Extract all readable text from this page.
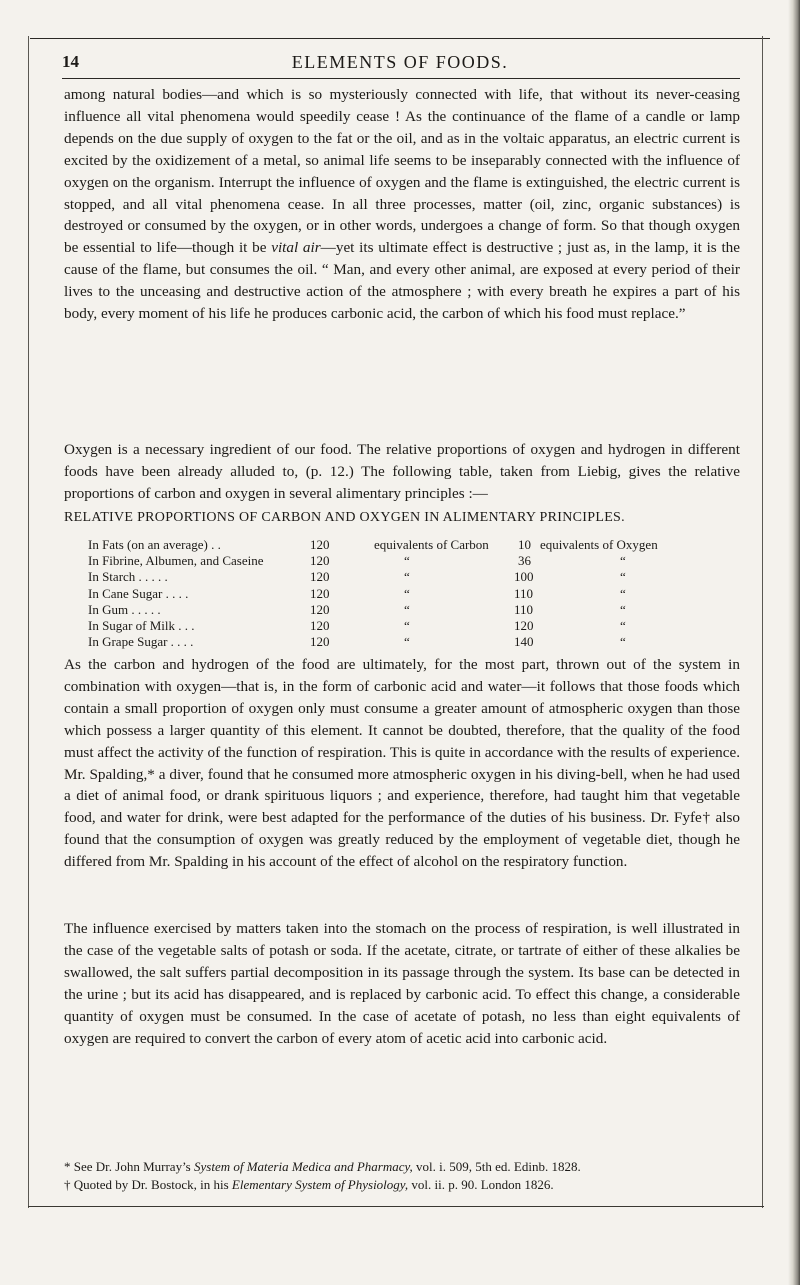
14	ELEMENTS OF FOODS.

among natural bodies—and which is so mysteriously connected with life, that without its never-ceasing influence all vital phenomena would speedily cease ! As the continuance of the flame of a candle or lamp depends on the due supply of oxygen to the fat or the oil, and as in the voltaic apparatus, an electric current is excited by the oxidizement of a metal, so animal life seems to be inseparably connected with the influence of oxygen on the organism. Interrupt the influence of oxygen and the flame is extinguished, the electric current is stopped, and all vital phenomena cease. In all three processes, matter (oil, zinc, organic substances) is destroyed or consumed by the oxygen, or in other words, undergoes a change of form. So that though oxygen be essential to life—though it be vital air—yet its ultimate effect is destructive ; just as, in the lamp, it is the cause of the flame, but consumes the oil. “ Man, and every other animal, are exposed at every period of their lives to the unceasing and destructive action of the atmosphere ; with every breath he expires a part of his body, every moment of his life he produces carbonic acid, the carbon of which his food must replace.”

Oxygen is a necessary ingredient of our food. The relative proportions of oxygen and hydrogen in different foods have been already alluded to, (p. 12.) The following table, taken from Liebig, gives the relative proportions of carbon and oxygen in several alimentary principles :—

RELATIVE PROPORTIONS OF CARBON AND OXYGEN IN ALIMENTARY PRINCIPLES.
In Fats (on an average) . .	120	equivalents of Carbon 10 equivalents of Oxygen
In Fibrine, Albumen, and Caseine	120	“	36	“
In Starch . . . . .	120	“	100	“
In Cane Sugar . . . .	120	“	110	“
In Gum . . . . .	120	“	110	“
In Sugar of Milk . . .	120	“	120	“
In Grape Sugar . . . .	120	“	140	“

As the carbon and hydrogen of the food are ultimately, for the most part, thrown out of the system in combination with oxygen—that is, in the form of carbonic acid and water—it follows that those foods which contain a small proportion of oxygen only must consume a greater amount of atmospheric oxygen than those which possess a larger quantity of this element. It cannot be doubted, therefore, that the quality of the food must affect the activity of the function of respiration. This is quite in accordance with the results of experience. Mr. Spalding,* a diver, found that he consumed more atmospheric oxygen in his diving-bell, when he had used a diet of animal food, or drank spirituous liquors ; and experience, therefore, had taught him that vegetable food, and water for drink, were best adapted for the performance of the duties of his business. Dr. Fyfe† also found that the consumption of oxygen was greatly reduced by the employment of vegetable diet, though he differed from Mr. Spalding in his account of the effect of alcohol on the respiratory function.

The influence exercised by matters taken into the stomach on the process of respiration, is well illustrated in the case of the vegetable salts of potash or soda. If the acetate, citrate, or tartrate of either of these alkalies be swallowed, the salt suffers partial decomposition in its passage through the system. Its base can be detected in the urine ; but its acid has disappeared, and is replaced by carbonic acid. To effect this change, a considerable quantity of oxygen must be consumed. In the case of acetate of potash, no less than eight equivalents of oxygen are required to convert the carbon of every atom of acetic acid into carbonic acid.

* See Dr. John Murray’s System of Materia Medica and Pharmacy, vol. i. 509, 5th ed. Edinb. 1828.

† Quoted by Dr. Bostock, in his Elementary System of Physiology, vol. ii. p. 90. London 1826.
